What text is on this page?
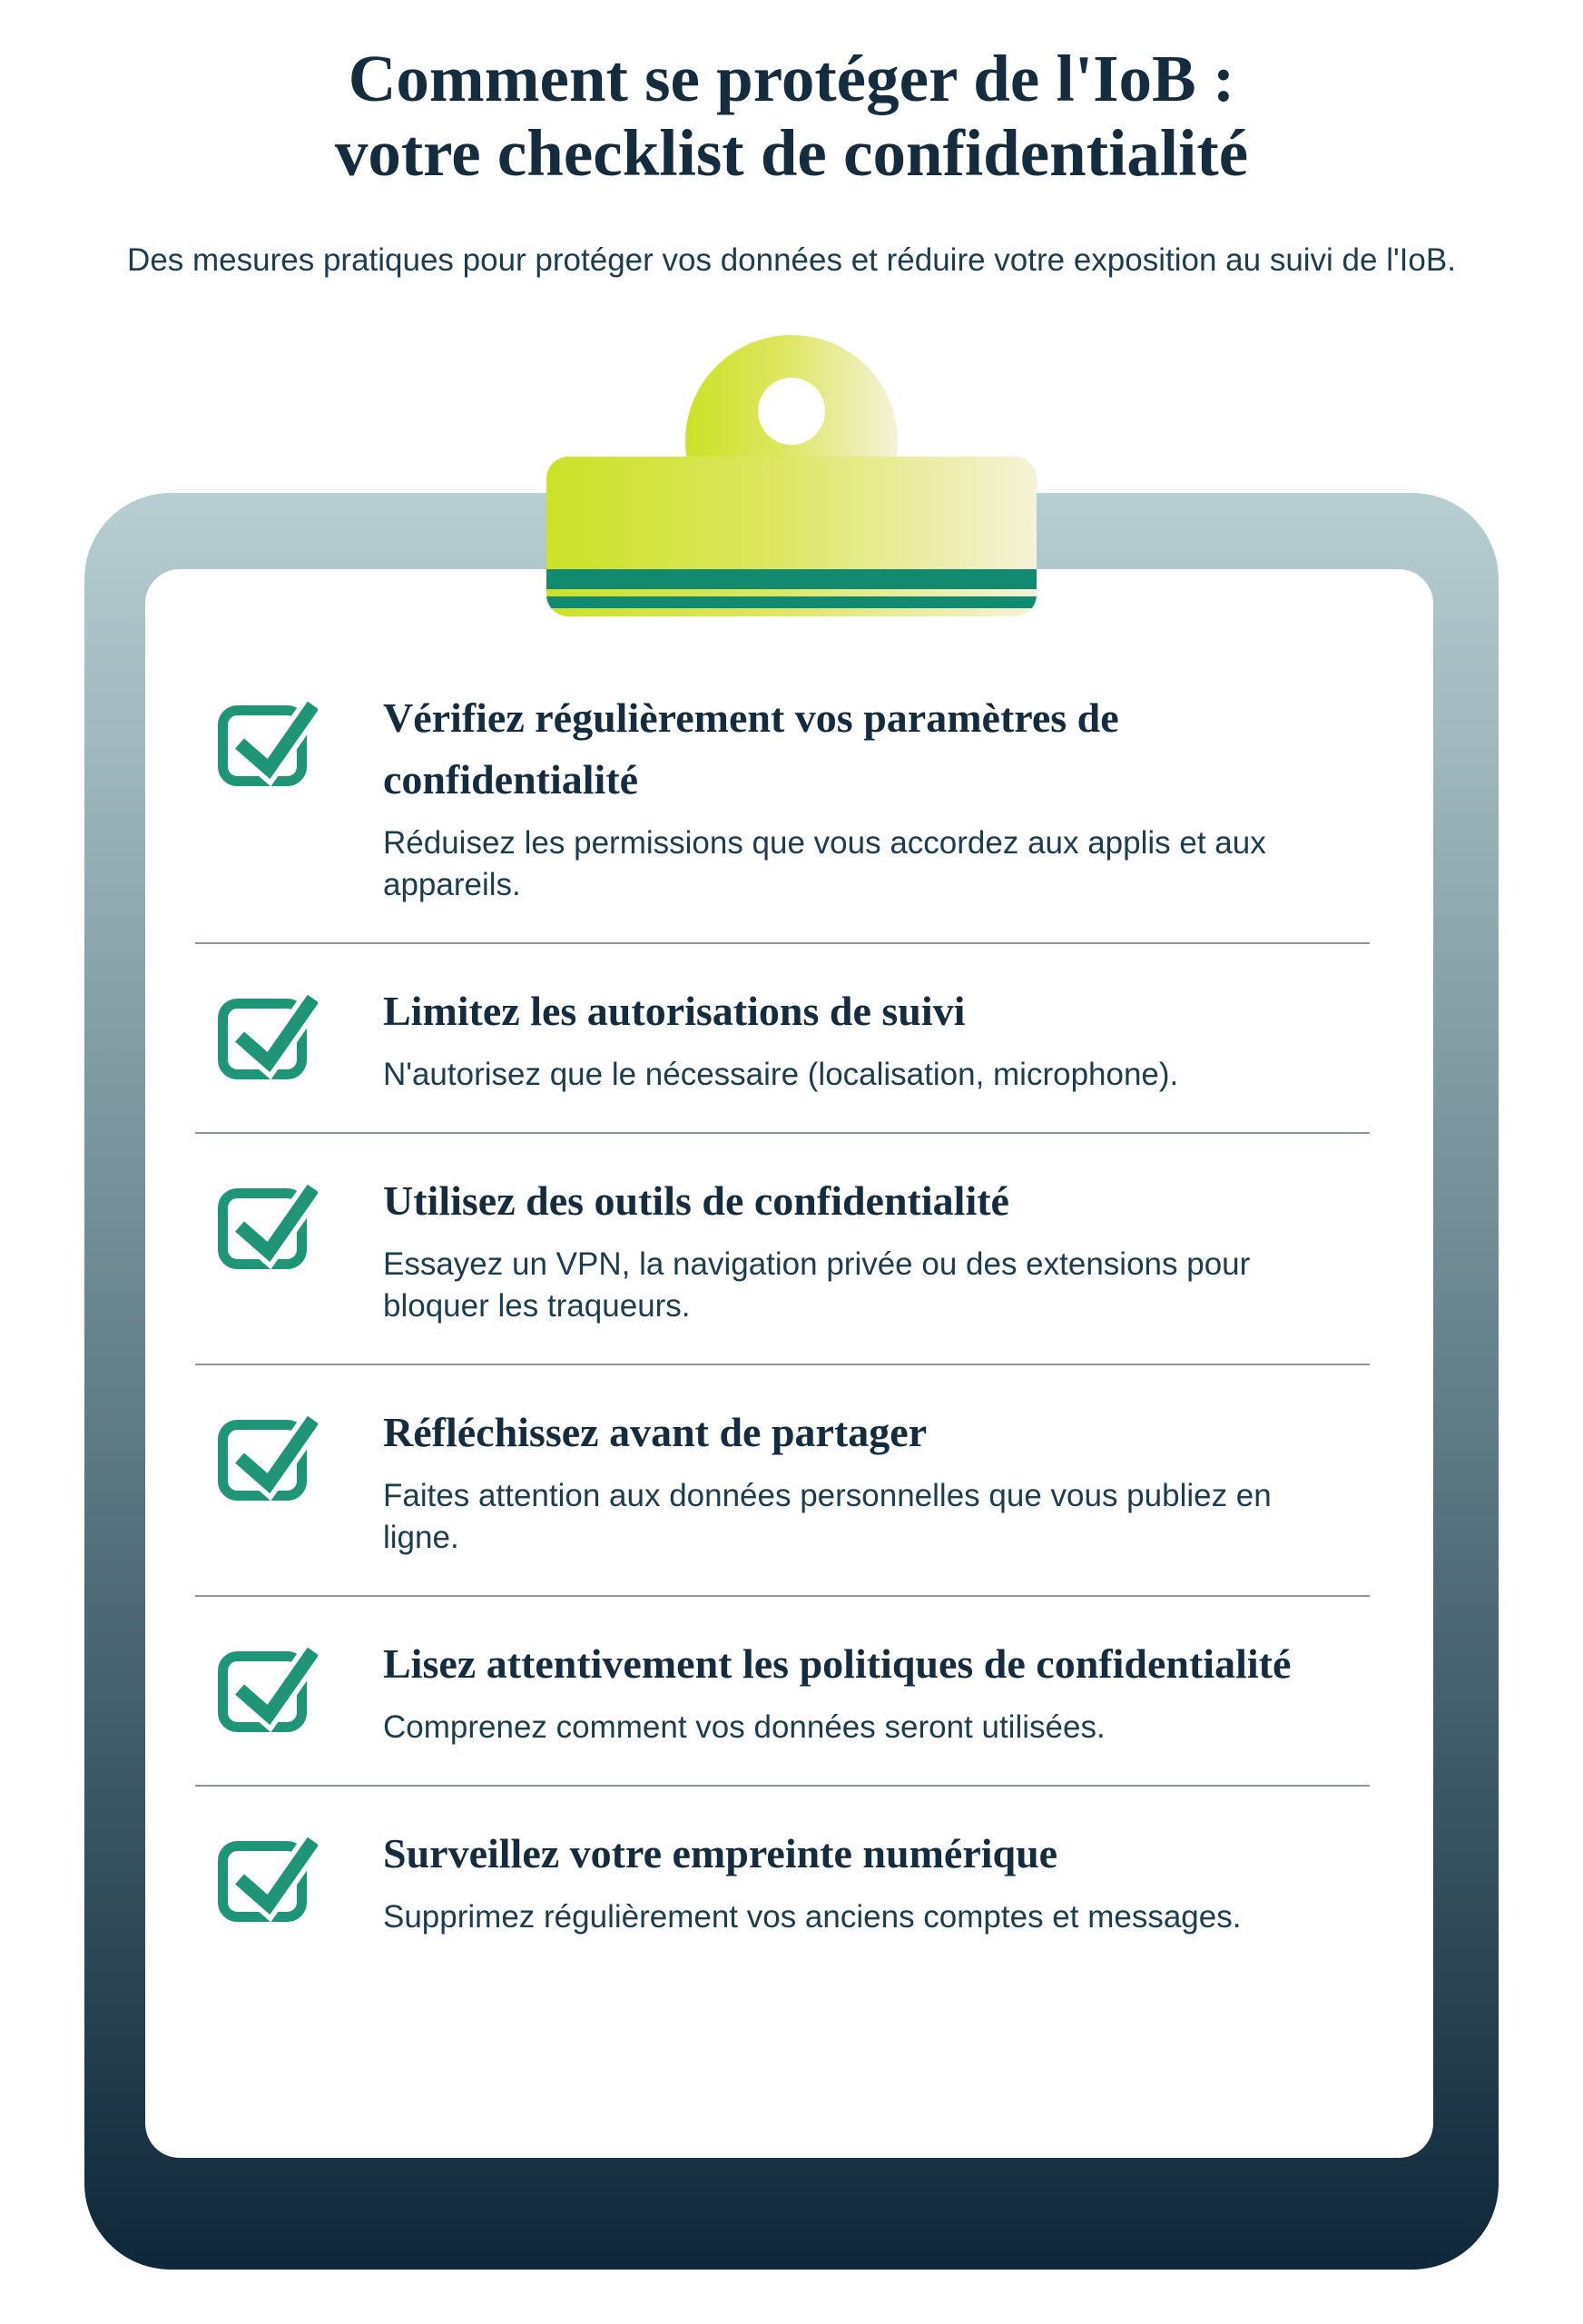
Comment se protéger de l'IoB :
votre checklist de confidentialité

Des mesures pratiques pour protéger vos données et réduire votre exposition au suivi de l'IoB.

Vérifiez régulièrement vos paramètres de confidentialité

Réduisez les permissions que vous accordez aux applis et aux appareils.

Limitez les autorisations de suivi

N'autorisez que le nécessaire (localisation, microphone).

Utilisez des outils de confidentialité

Essayez un VPN, la navigation privée ou des extensions pour bloquer les traqueurs.

Réfléchissez avant de partager

Faites attention aux données personnelles que vous publiez en ligne.

Lisez attentivement les politiques de confidentialité

Comprenez comment vos données seront utilisées.

Surveillez votre empreinte numérique

Supprimez régulièrement vos anciens comptes et messages.
